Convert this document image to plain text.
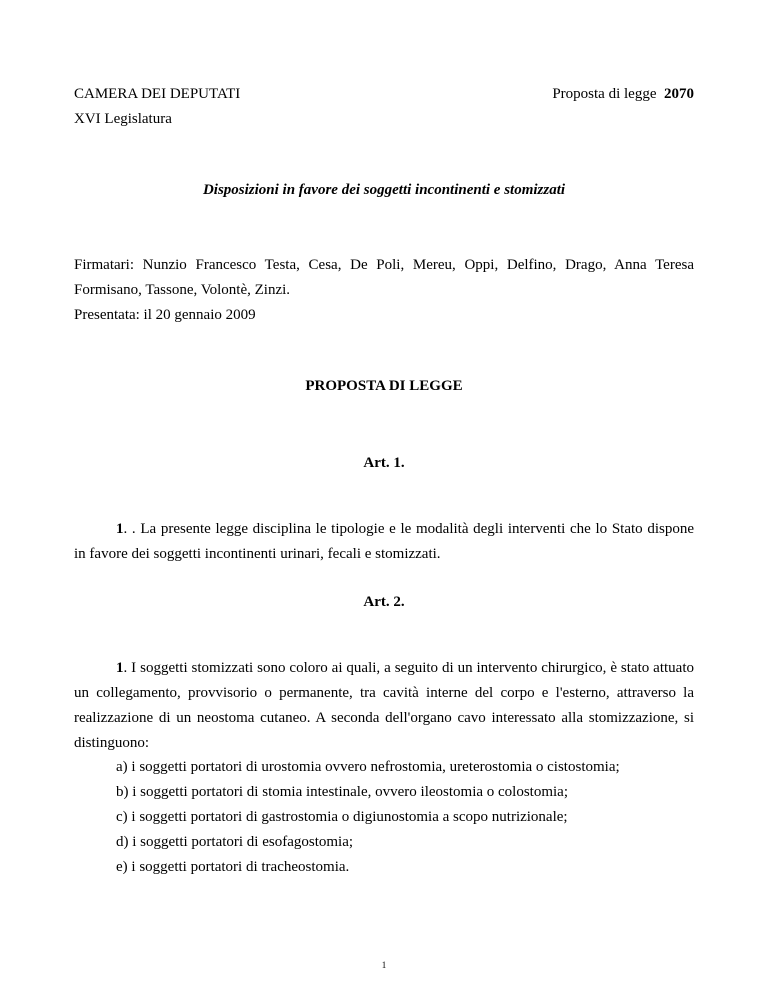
CAMERA DEI DEPUTATI
XVI Legislatura
Proposta di legge 2070
Disposizioni in favore dei soggetti incontinenti e stomizzati
Firmatari: Nunzio Francesco Testa, Cesa, De Poli, Mereu, Oppi, Delfino, Drago, Anna Teresa Formisano, Tassone, Volontè, Zinzi.
Presentata: il 20 gennaio 2009
PROPOSTA DI LEGGE
Art. 1.
1. . La presente legge disciplina le tipologie e le modalità degli interventi che lo Stato dispone in favore dei soggetti incontinenti urinari, fecali e stomizzati.
Art. 2.
1. I soggetti stomizzati sono coloro ai quali, a seguito di un intervento chirurgico, è stato attuato un collegamento, provvisorio o permanente, tra cavità interne del corpo e l'esterno, attraverso la realizzazione di un neostoma cutaneo. A seconda dell'organo cavo interessato alla stomizzazione, si distinguono:
a) i soggetti portatori di urostomia ovvero nefrostomia, ureterostomia o cistostomia;
b) i soggetti portatori di stomia intestinale, ovvero ileostomia o colostomia;
c) i soggetti portatori di gastrostomia o digiunostomia a scopo nutrizionale;
d) i soggetti portatori di esofagostomia;
e) i soggetti portatori di tracheostomia.
1
